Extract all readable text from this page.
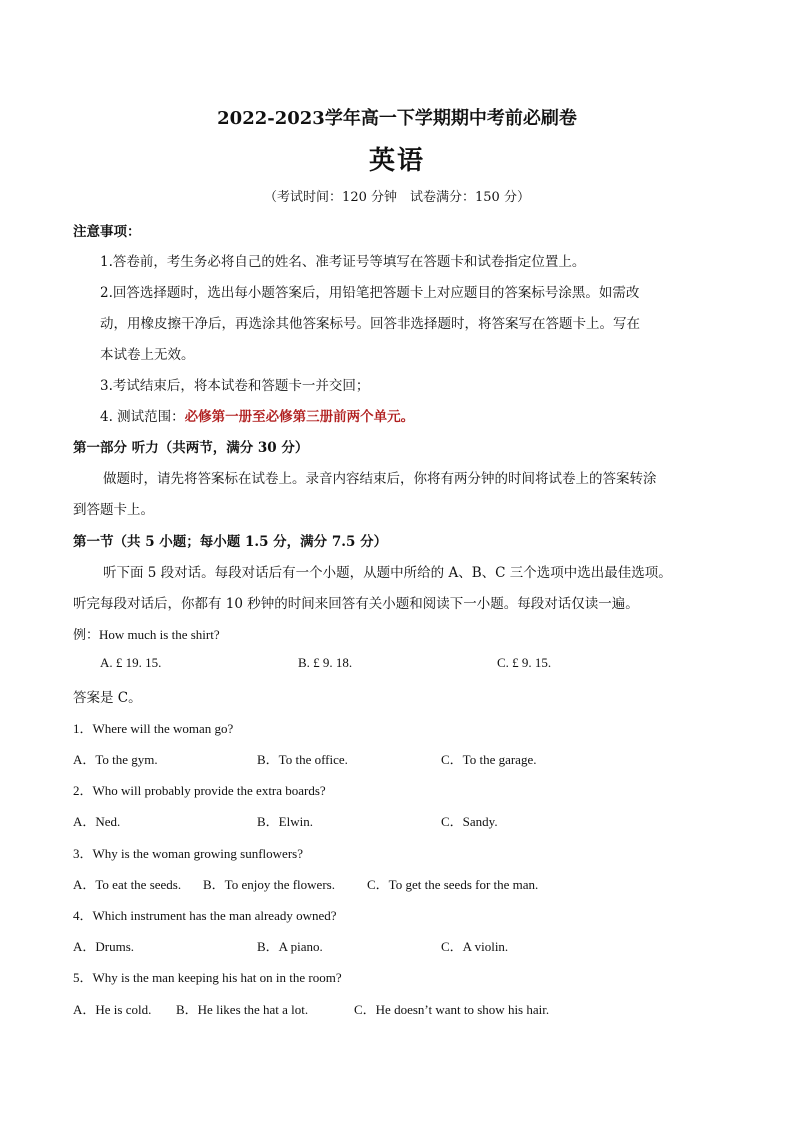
2022-2023学年高一下学期期中考前必刷卷
英语
（考试时间：120 分钟　试卷满分：150 分）
注意事项：
1.答卷前，考生务必将自己的姓名、准考证号等填写在答题卡和试卷指定位置上。
2.回答选择题时，选出每小题答案后，用铅笔把答题卡上对应题目的答案标号涂黑。如需改
动，用橡皮擦干净后，再选涂其他答案标号。回答非选择题时，将答案写在答题卡上。写在
本试卷上无效。
3.考试结束后，将本试卷和答题卡一并交回；
4. 测试范围：必修第一册至必修第三册前两个单元。
第一部分 听力（共两节，满分 30 分）
做题时，请先将答案标在试卷上。录音内容结束后，你将有两分钟的时间将试卷上的答案转涂
到答题卡上。
第一节（共 5 小题；每小题 1.5 分，满分 7.5 分）
听下面 5 段对话。每段对话后有一个小题，从题中所给的 A、B、C 三个选项中选出最佳选项。
听完每段对话后，你都有 10 秒钟的时间来回答有关小题和阅读下一小题。每段对话仅读一遍。
例：How much is the shirt?
A. £ 19. 15.	B. £ 9. 18.	C. £ 9. 15.
答案是 C。
1．Where will the woman go?
A．To the gym.	B．To the office.	C．To the garage.
2．Who will probably provide the extra boards?
A．Ned.	B．Elwin.	C．Sandy.
3．Why is the woman growing sunflowers?
A．To eat the seeds. B．To enjoy the flowers. C．To get the seeds for the man.
4．Which instrument has the man already owned?
A．Drums.	B．A piano.	C．A violin.
5．Why is the man keeping his hat on in the room?
A．He is cold. B．He likes the hat a lot.	C．He doesn’t want to show his hair.
